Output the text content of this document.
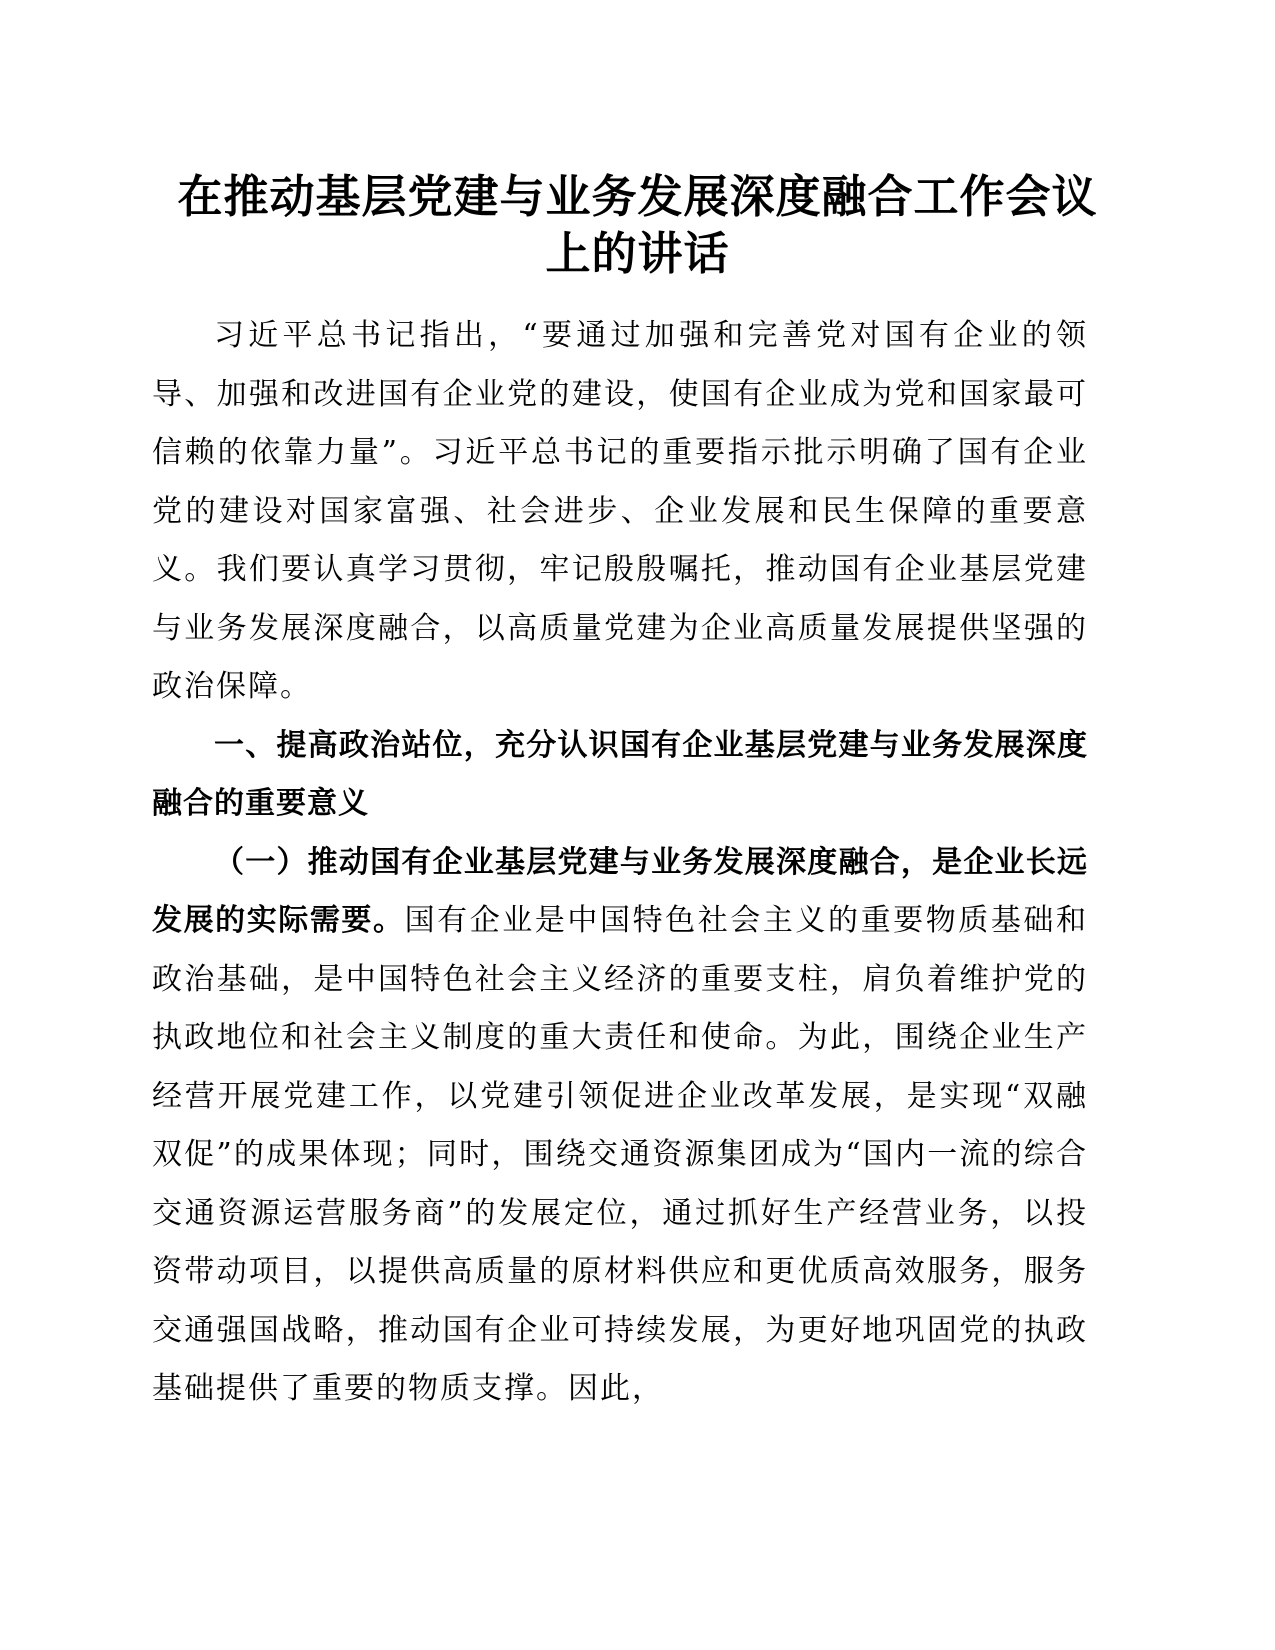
在推动基层党建与业务发展深度融合工作会议
上的讲话

习近平总书记指出，“要通过加强和完善党对国有企业的领导、加强和改进国有企业党的建设，使国有企业成为党和国家最可信赖的依靠力量”。习近平总书记的重要指示批示明确了国有企业党的建设对国家富强、社会进步、企业发展和民生保障的重要意义。我们要认真学习贯彻，牢记殷殷嘱托，推动国有企业基层党建与业务发展深度融合，以高质量党建为企业高质量发展提供坚强的政治保障。

一、提高政治站位，充分认识国有企业基层党建与业务发展深度融合的重要意义

（一）推动国有企业基层党建与业务发展深度融合，是企业长远发展的实际需要。国有企业是中国特色社会主义的重要物质基础和政治基础，是中国特色社会主义经济的重要支柱，肩负着维护党的执政地位和社会主义制度的重大责任和使命。为此，围绕企业生产经营开展党建工作，以党建引领促进企业改革发展，是实现“双融双促”的成果体现；同时，围绕交通资源集团成为“国内一流的综合交通资源运营服务商”的发展定位，通过抓好生产经营业务，以投资带动项目，以提供高质量的原材料供应和更优质高效服务，服务交通强国战略，推动国有企业可持续发展，为更好地巩固党的执政基础提供了重要的物质支撑。因此，
